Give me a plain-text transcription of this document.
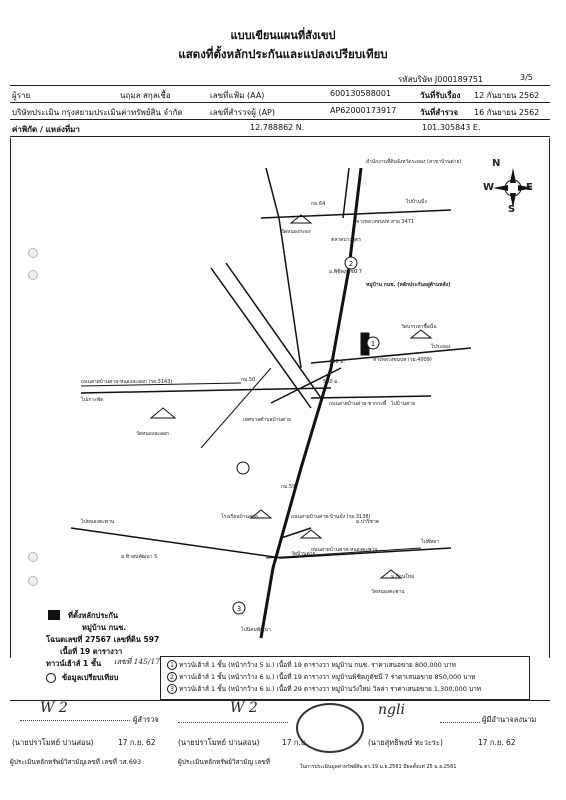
แบบเขียนแผนที่สังเขป
แสดงที่ตั้งหลักประกันและแปลงเปรียบเทียบ
รหัสบริษัท J000189751	3/5
ผู้ราย	นฤมล สกุลเชื้อ	เลขที่แฟ้ม (AA)	600130588001	วันที่รับเรื่อง 12 กันยายน 2562
บริษัทประเมิน กรุงสยามประเมินค่าทรัพย์สิน จำกัด	เลขที่สำรวจผู้ (AP)	AP62000173917	วันที่สำรวจ 16 กันยายน 2562
ค่าพิกัด / แหล่งที่มา	12.788862 N.	101.305843 E.
1
2
3
N
S
E
W
สำนักงานที่ดินจังหวัดระยอง (สาขาบ้านค่าย)
กม.64
วัดหนองกะธง
ไปบ้านบึง
ทางหลวงชนบท สาย 3471
ตลาดบางบุตร
ม.พิชิตภูดัชนี 7
หมู่บ้าน กนช. (หลักประกันอยู่ด้านหลัง)
วัดบรรเทาชื้อนั้น
ไประยอง
ทางหลวงชนบท (รย.4009)
480 ม.
580 ม.
ถนนสายบ้านค่าย-หนองละลอก (รย.3143)
ไปเกาะพัด
วัดหนองละลอก
กม.50
เทศบาลตำบลบ้านค่าย
ถนนสายบ้านค่าย-ชากกะพี้ ไปบ้านค่าย
กม.59
ถนนสายบ้านค่าย-บ้านมั่ง (รย.3138)
โรงเรียนบ้านค่าย
วัดบ้านค่าย
ไปหนองตะพาน
ม.ทิวสนพัฒนา 5
ไปพัทยา
ถนนสายบ้านค่าย-หนองตะพาน
วัดหนองตะพาน
ม.ปาริชาต
ม.บ้านใหม่
ไปนิคมพัฒนา
ที่ตั้งหลักประกัน
หมู่บ้าน กนช.
โฉนดเลขที่ 27567 เลขที่ดิน 597
เนื้อที่ 19 ตารางวา
ทาวน์เฮ้าส์ 1 ชั้น เลขที่ 145/17
ข้อมูลเปรียบเทียบ
1 ทาวน์เฮ้าส์ 1 ชั้น (หน้ากว้าง 5 ม.) เนื้อที่ 19 ตารางวา หมู่บ้าน กนช. ราคาเสนอขาย 800,000 บาท
2 ทาวน์เฮ้าส์ 1 ชั้น (หน้ากว้าง 6 ม.) เนื้อที่ 19 ตารางวา หมู่บ้านพิชิตภูดัชนี 7 ราคาเสนอขาย 850,000 บาท
3 ทาวน์เฮ้าส์ 1 ชั้น (หน้ากว้าง 6 ม.) เนื้อที่ 29 ตารางวา หมู่บ้านวังใหม่ วิลล่า ราคาเสนอขาย 1,300,000 บาท
W 2
ผู้สำรวจ
(นายปราโมทย์ ปานสอน)	17 ก.ย. 62
ผู้ประเมินหลักทรัพย์วิสามัญเลขที่ เลขที่ วส.693
W 2
(นายปราโมทย์ ปานสอน)	17 ก.ย.
ผู้ประเมินหลักทรัพย์วิสามัญ เลขที่
ngli
ผู้มีอำนาจลงนาม
(นายสุทธิพงษ์ ทะวะระ)	17 ก.ย. 62
ในการประเมินมูลค่าทรัพย์สิน ตร.19 ม.ย.2561 มีผลตั้งแต่ 25 ม.ย.2561
